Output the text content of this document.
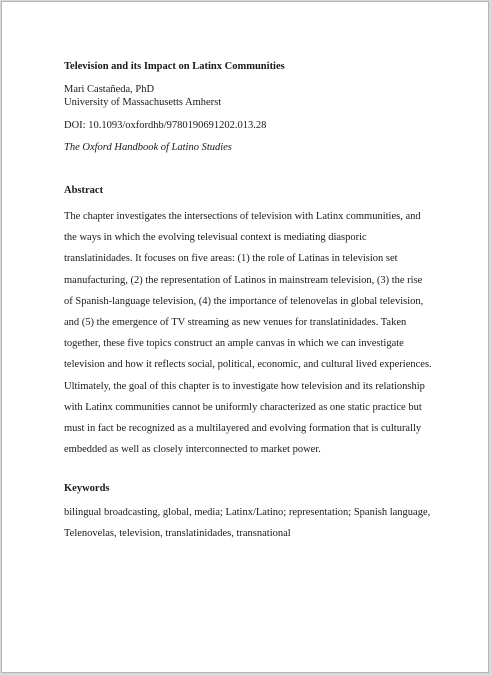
Television and its Impact on Latinx Communities
Mari Castañeda, PhD
University of Massachusetts Amherst
DOI: 10.1093/oxfordhb/9780190691202.013.28
The Oxford Handbook of Latino Studies
Abstract

The chapter investigates the intersections of television with Latinx communities, and the ways in which the evolving televisual context is mediating diasporic translatinidades. It focuses on five areas: (1) the role of Latinas in television set manufacturing, (2) the representation of Latinos in mainstream television, (3) the rise of Spanish-language television, (4) the importance of telenovelas in global television, and (5) the emergence of TV streaming as new venues for translatinidades. Taken together, these five topics construct an ample canvas in which we can investigate television and how it reflects social, political, economic, and cultural lived experiences. Ultimately, the goal of this chapter is to investigate how television and its relationship with Latinx communities cannot be uniformly characterized as one static practice but must in fact be recognized as a multilayered and evolving formation that is culturally embedded as well as closely interconnected to market power.

Keywords

bilingual broadcasting, global, media; Latinx/Latino; representation; Spanish language, Telenovelas, television, translatinidades, transnational
